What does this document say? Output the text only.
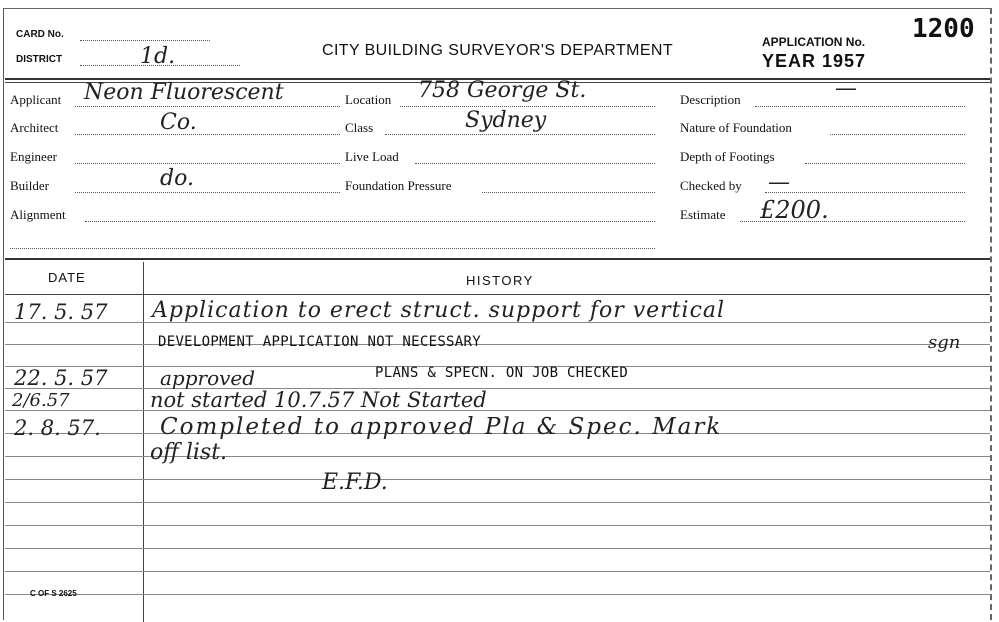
CARD No.
DISTRICT	1d.	CITY BUILDING SURVEYOR'S DEPARTMENT	APPLICATION No. 1200
YEAR 1957
Applicant Neon Fluorescent
Architect	Co.
Engineer
Builder	do.
Alignment
Location 758 George St.
Class	Sydney
Live Load
Foundation Pressure
Description	—
Nature of Foundation
Depth of Footings
Checked by —
Estimate £200.
DATE	HISTORY
17. 5. 57 Application to erect struct. support for vertical
DEVELOPMENT APPLICATION NOT NECESSARY	sgn
22. 5. 57	approved	PLANS & SPECN. ON JOB CHECKED
2/6.57	not started 10.7.57 Not Started
2. 8. 57.	Completed to approved Pla & Spec. Mark
off list.
E.F.D.
C OF S 2625
